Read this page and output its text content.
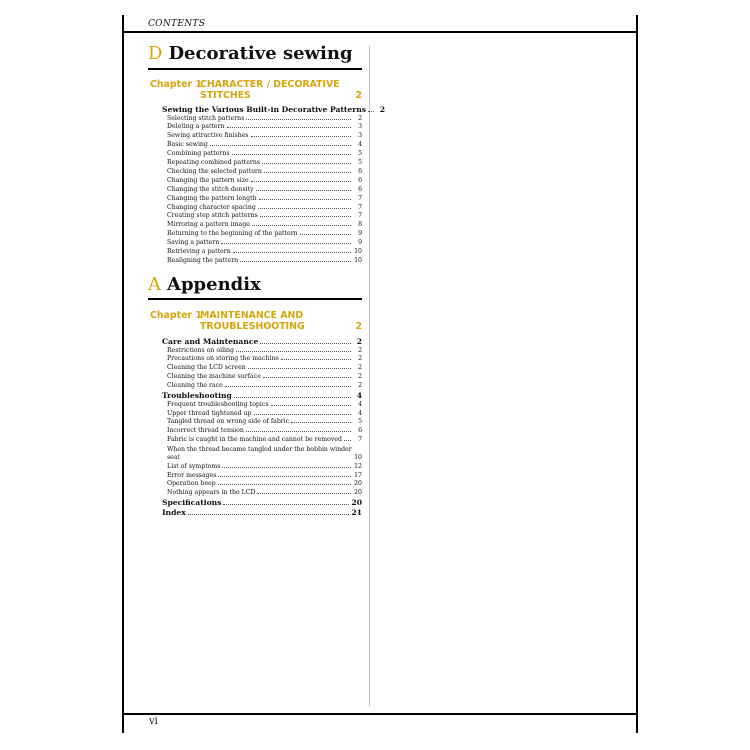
CONTENTS
vi
D Decorative sewing
Chapter 1
CHARACTER / DECORATIVE STITCHES	2
Sewing the Various Built-in Decorative Patterns	2
Selecting stitch patterns	2
Deleting a pattern	3
Sewing attractive finishes	3
Basic sewing	4
Combining patterns	5
Repeating combined patterns	5
Checking the selected pattern	6
Changing the pattern size	6
Changing the stitch density	6
Changing the pattern length	7
Changing character spacing	7
Creating step stitch patterns	7
Mirroring a pattern image	8
Returning to the beginning of the pattern	9
Saving a pattern	9
Retrieving a pattern	10
Realigning the pattern	10
A Appendix
Chapter 1
MAINTENANCE AND TROUBLESHOOTING	2
Care and Maintenance	2
Restrictions on oiling	2
Precautions on storing the machine	2
Cleaning the LCD screen	2
Cleaning the machine surface	2
Cleaning the race	2
Troubleshooting	4
Frequent troubleshooting topics	4
Upper thread tightened up	4
Tangled thread on wrong side of fabric	5
Incorrect thread tension	6
Fabric is caught in the machine and cannot be removed	7
When the thread became tangled under the bobbin winder seat	10
List of symptoms	12
Error messages	17
Operation beep	20
Nothing appears in the LCD	20
Specifications	20
Index	21
